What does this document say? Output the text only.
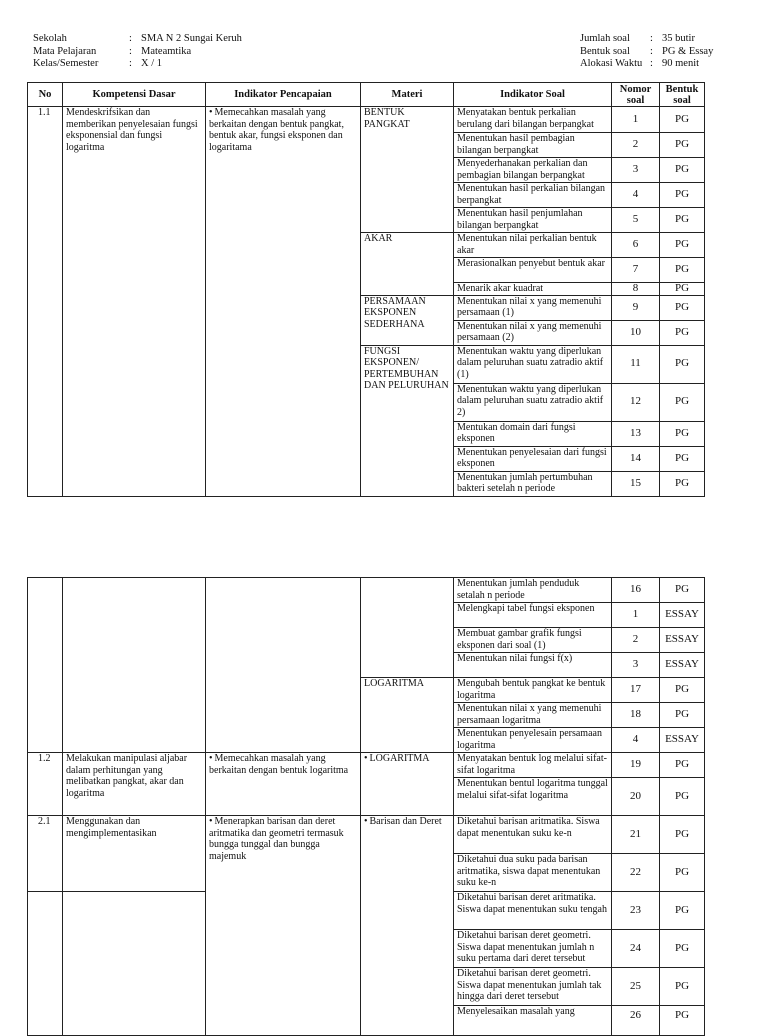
Sekolah	:	SMA N 2 Sungai Keruh
Mata Pelajaran	:	Mateamtika
Kelas/Semester	:	X / 1
Jumlah soal	:	35 butir
Bentuk soal	:	PG & Essay
Alokasi Waktu	:	90 menit
No	Kompetensi Dasar	Indikator Pencapaian	Materi	Indikator Soal	Nomor soal	Bentuk soal
1.1	Mendeskrifsikan dan memberikan penyelesaian fungsi eksponensial dan fungsi logaritma	• Memecahkan masalah yang berkaitan dengan bentuk pangkat, bentuk akar, fungsi eksponen dan logaritama	BENTUK PANGKAT	Menyatakan bentuk perkalian berulang dari bilangan berpangkat	1	PG
				Menentukan hasil pembagian bilangan berpangkat	2	PG
				Menyederhanakan perkalian dan pembagian bilangan berpangkat	3	PG
				Menentukan hasil perkalian bilangan berpangkat	4	PG
				Menentukan hasil penjumlahan bilangan berpangkat	5	PG
			AKAR	Menentukan nilai perkalian bentuk akar	6	PG
				Merasionalkan penyebut bentuk akar	7	PG
				Menarik akar kuadrat	8	PG
			PERSAMAAN EKSPONEN SEDERHANA	Menentukan nilai x yang memenuhi persamaan (1)	9	PG
				Menentukan nilai x yang memenuhi persamaan (2)	10	PG
			FUNGSI EKSPONEN/ PERTEMBUHAN DAN PELURUHAN	Menentukan waktu yang diperlukan dalam peluruhan suatu zatradio aktif (1)	11	PG
				Menentukan waktu yang diperlukan dalam peluruhan suatu zatradio aktif 2)	12	PG
				Mentukan domain dari fungsi eksponen	13	PG
				Menentukan penyelesaian dari fungsi eksponen	14	PG
				Menentukan jumlah pertumbuhan bakteri setelah n periode	15	PG
				Menentukan jumlah penduduk setalah n periode	16	PG
				Melengkapi tabel fungsi eksponen	1	ESSAY
				Membuat gambar grafik fungsi eksponen dari soal (1)	2	ESSAY
				Menentukan nilai fungsi f(x)	3	ESSAY
			LOGARITMA	Mengubah bentuk pangkat ke bentuk logaritma	17	PG
				Menentukan nilai x yang memenuhi persamaan logaritma	18	PG
				Menentukan penyelesain persamaan logaritma	4	ESSAY
1.2	Melakukan manipulasi aljabar dalam perhitungan yang melibatkan pangkat, akar dan logaritma	• Memecahkan masalah yang berkaitan dengan bentuk logaritma	• LOGARITMA	Menyatakan bentuk log melalui sifat-sifat logaritma	19	PG
				Menentukan bentul logaritma tunggal melalui sifat-sifat logaritma	20	PG
2.1	Menggunakan dan mengimplementasikan	• Menerapkan barisan dan deret aritmatika dan geometri termasuk bungga tunggal dan bungga majemuk	• Barisan dan Deret	Diketahui barisan aritmatika. Siswa dapat menentukan suku ke-n	21	PG
				Diketahui dua suku pada barisan aritmatika, siswa dapat menentukan suku ke-n	22	PG
				Diketahui barisan deret aritmatika. Siswa dapat menentukan suku tengah	23	PG
				Diketahui barisan deret geometri. Siswa dapat menentukan jumlah n suku pertama dari deret tersebut	24	PG
				Diketahui barisan deret geometri. Siswa dapat menentukan jumlah tak hingga dari deret tersebut	25	PG
				Menyelesaikan masalah yang	26	PG
